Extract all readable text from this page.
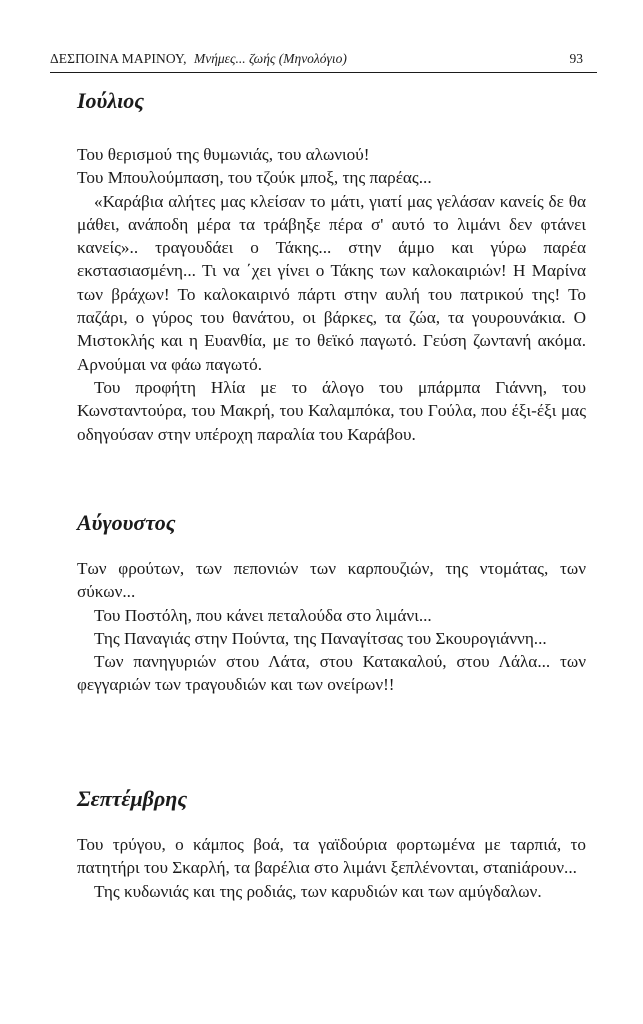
ΔΕΣΠΟΙΝΑ ΜΑΡΙΝΟΥ, Μνήμες... ζωής (Μηνολόγιο)	93
Ιούλιος

Του θερισμού της θυμωνιάς, του αλωνιού!

Του Μπουλούμπαση, του τζούκ μποξ, της παρέας...

«Καράβια αλήτες μας κλείσαν το μάτι, γιατί μας γελάσαν κανείς δε θα μάθει, ανάποδη μέρα τα τράβηξε πέρα σ' αυτό το λιμάνι δεν φτάνει κανείς».. τραγουδάει ο Τάκης... στην άμμο και γύρω παρέα εκστασιασμένη... Τι να ΄χει γίνει ο Τάκης των καλοκαιριών! Η Μαρίνα των βράχων! Το καλοκαιρινό πάρτι στην αυλή του πατρικού της! Το παζάρι, ο γύρος του θανάτου, οι βάρκες, τα ζώα, τα γουρουνάκια. Ο Μιστοκλής και η Ευανθία, με το θεϊκό παγωτό. Γεύση ζωντανή ακόμα. Αρνούμαι να φάω παγωτό.

Του προφήτη Ηλία με το άλογο του μπάρμπα Γιάννη, του Κωνσταντούρα, του Μακρή, του Καλαμπόκα, του Γούλα, που έξι-έξι μας οδηγούσαν στην υπέροχη παραλία του Καράβου.

Αύγουστος

Των φρούτων, των πεπονιών των καρπουζιών, της ντομάτας, των σύκων...

Του Ποστόλη, που κάνει πεταλούδα στο λιμάνι...

Της Παναγιάς στην Πούντα, της Παναγίτσας του Σκουρογιάννη...

Των πανηγυριών στου Λάτα, στου Κατακαλού, στου Λάλα... των φεγγαριών των τραγουδιών και των ονείρων!!

Σεπτέμβρης

Του τρύγου, ο κάμπος βοά, τα γαϊδούρια φορτωμένα με ταρπιά, το πατητήρι του Σκαρλή, τα βαρέλια στο λιμάνι ξεπλένονται, σταniάρουν...

Της κυδωνιάς και της ροδιάς, των καρυδιών και των αμύγδαλων.
